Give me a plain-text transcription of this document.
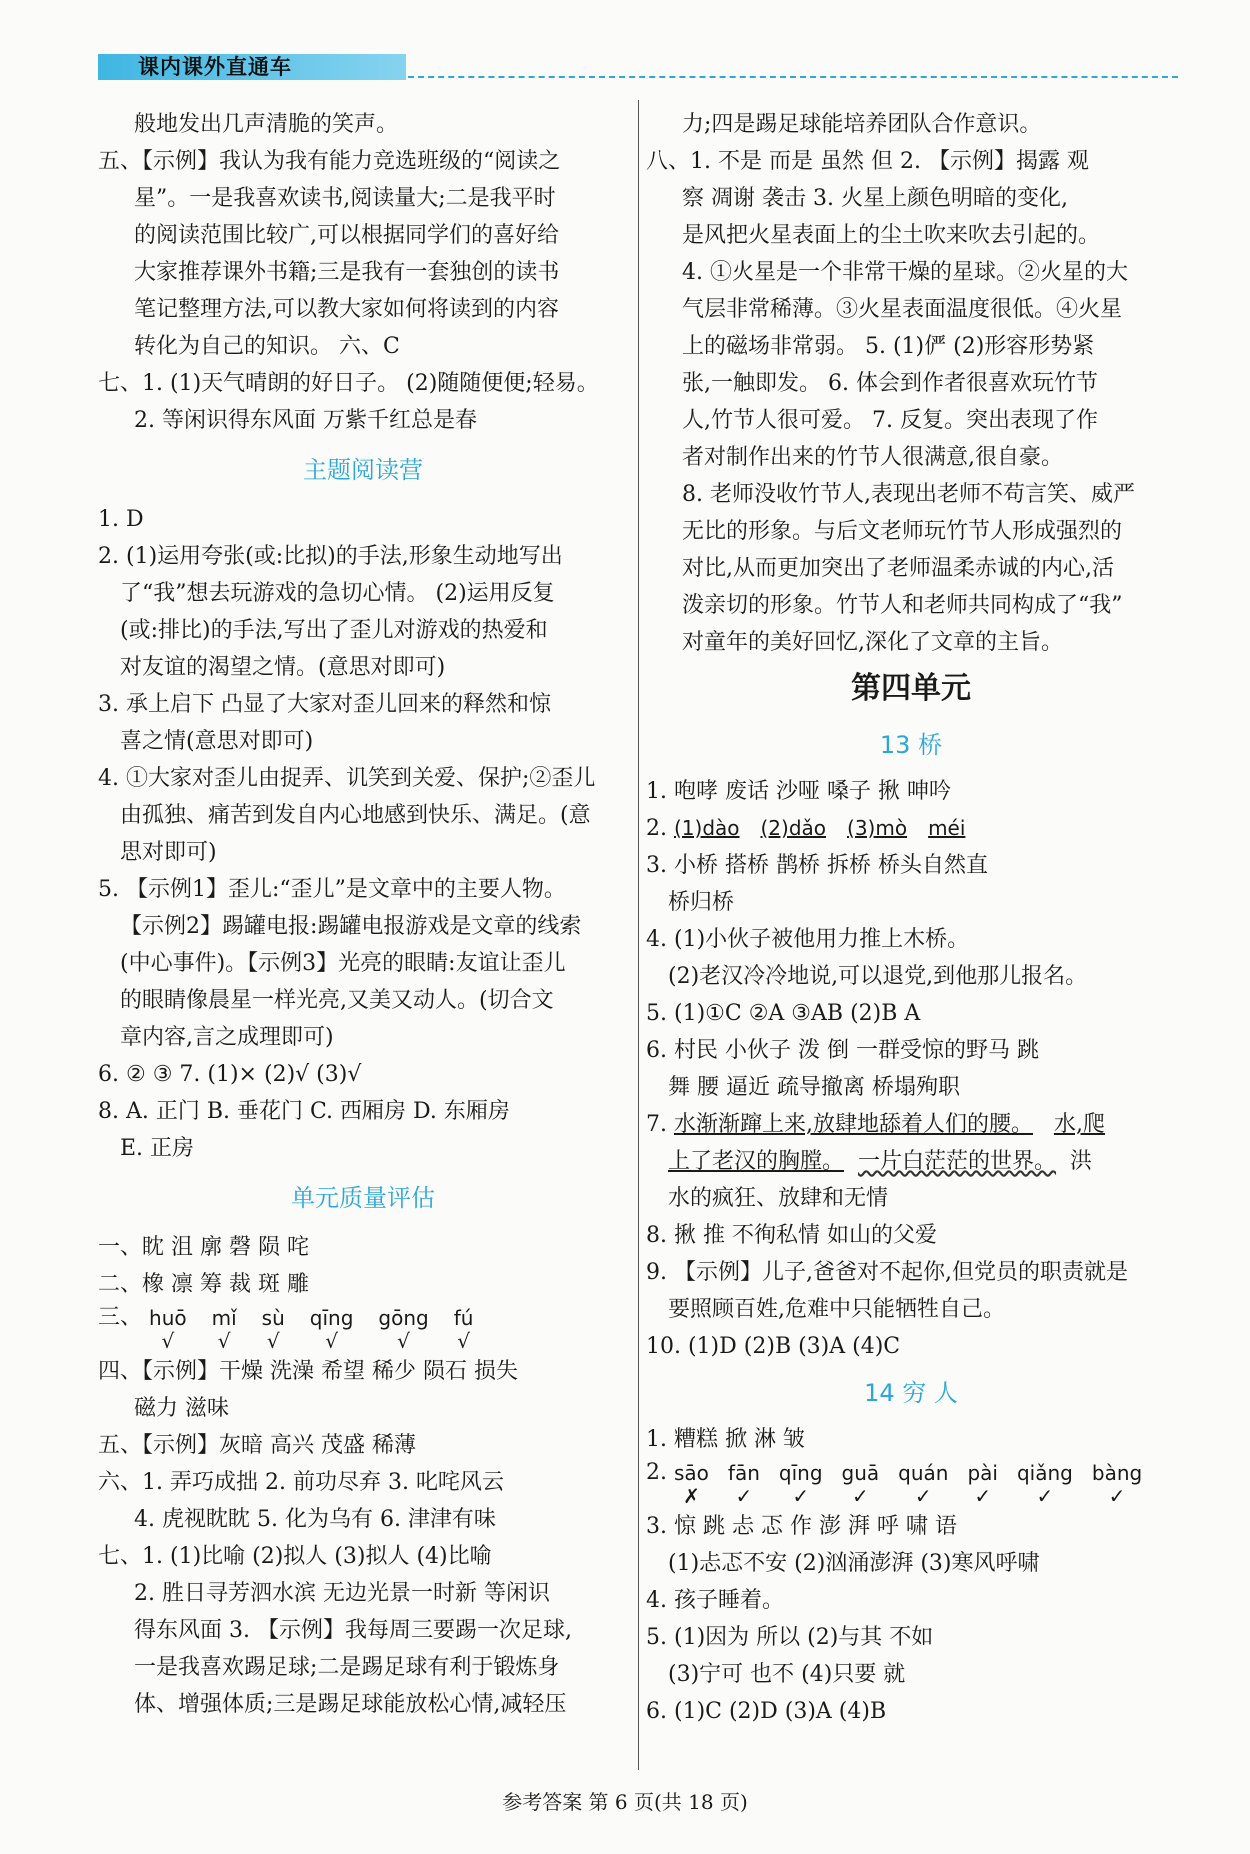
课内课外直通车
般地发出几声清脆的笑声。
五、【示例】我认为我有能力竞选班级的“阅读之
星”。一是我喜欢读书,阅读量大;二是我平时
的阅读范围比较广,可以根据同学们的喜好给
大家推荐课外书籍;三是我有一套独创的读书
笔记整理方法,可以教大家如何将读到的内容
转化为自己的知识。 六、C
七、1. (1)天气晴朗的好日子。 (2)随随便便;轻易。
2. 等闲识得东风面 万紫千红总是春
主题阅读营
1. D
2. (1)运用夸张(或:比拟)的手法,形象生动地写出
了“我”想去玩游戏的急切心情。 (2)运用反复
(或:排比)的手法,写出了歪儿对游戏的热爱和
对友谊的渴望之情。(意思对即可)
3. 承上启下 凸显了大家对歪儿回来的释然和惊
喜之情(意思对即可)
4. ①大家对歪儿由捉弄、讥笑到关爱、保护;②歪儿
由孤独、痛苦到发自内心地感到快乐、满足。(意
思对即可)
5. 【示例1】歪儿:“歪儿”是文章中的主要人物。
【示例2】踢罐电报:踢罐电报游戏是文章的线索
(中心事件)。【示例3】光亮的眼睛:友谊让歪儿
的眼睛像晨星一样光亮,又美又动人。(切合文
章内容,言之成理即可)
6. ② ③ 7. (1)× (2)√ (3)√
8. A. 正门 B. 垂花门 C. 西厢房 D. 东厢房
E. 正房
单元质量评估
一、眈 沮 廓 磬 陨 咤
二、橡 凛 筹 裁 斑 雕
三、 huō
√
mǐ
√
sù
√
qīng
√
gōng
√
fú
√
四、【示例】干燥 洗澡 希望 稀少 陨石 损失
磁力 滋味
五、【示例】灰暗 高兴 茂盛 稀薄
六、1. 弄巧成拙 2. 前功尽弃 3. 叱咤风云
4. 虎视眈眈 5. 化为乌有 6. 津津有味
七、1. (1)比喻 (2)拟人 (3)拟人 (4)比喻
2. 胜日寻芳泗水滨 无边光景一时新 等闲识
得东风面 3. 【示例】我每周三要踢一次足球,
一是我喜欢踢足球;二是踢足球有利于锻炼身
体、增强体质;三是踢足球能放松心情,减轻压
力;四是踢足球能培养团队合作意识。
八、1. 不是 而是 虽然 但 2. 【示例】揭露 观
察 凋谢 袭击 3. 火星上颜色明暗的变化,
是风把火星表面上的尘土吹来吹去引起的。
4. ①火星是一个非常干燥的星球。②火星的大
气层非常稀薄。③火星表面温度很低。④火星
上的磁场非常弱。 5. (1)俨 (2)形容形势紧
张,一触即发。 6. 体会到作者很喜欢玩竹节
人,竹节人很可爱。 7. 反复。突出表现了作
者对制作出来的竹节人很满意,很自豪。
8. 老师没收竹节人,表现出老师不苟言笑、威严
无比的形象。与后文老师玩竹节人形成强烈的
对比,从而更加突出了老师温柔赤诚的内心,活
泼亲切的形象。竹节人和老师共同构成了“我”
对童年的美好回忆,深化了文章的主旨。
第四单元
13 桥
1. 咆哮 废话 沙哑 嗓子 揪 呻吟
2. (1)dào (2)dǎo (3)mò méi
3. 小桥 搭桥 鹊桥 拆桥 桥头自然直
桥归桥
4. (1)小伙子被他用力推上木桥。
(2)老汉冷冷地说,可以退党,到他那儿报名。
5. (1)①C ②A ③AB (2)B A
6. 村民 小伙子 泼 倒 一群受惊的野马 跳
舞 腰 逼近 疏导撤离 桥塌殉职
7. 水渐渐蹿上来,放肆地舔着人们的腰。 水,爬
上了老汉的胸膛。 一片白茫茫的世界。 洪
水的疯狂、放肆和无情
8. 揪 推 不徇私情 如山的父爱
9. 【示例】儿子,爸爸对不起你,但党员的职责就是
要照顾百姓,危难中只能牺牲自己。
10. (1)D (2)B (3)A (4)C
14 穷 人
1. 糟糕 掀 淋 皱
2. sāo
✗
fān
✓
qīng
✓
guā
✓
quán
✓
pài
✓
qiǎng
✓
bàng
✓
3. 惊 跳 忐 忑 作 澎 湃 呼 啸 语
(1)忐忑不安 (2)汹涌澎湃 (3)寒风呼啸
4. 孩子睡着。
5. (1)因为 所以 (2)与其 不如
(3)宁可 也不 (4)只要 就
6. (1)C (2)D (3)A (4)B
参考答案 第 6 页(共 18 页)
